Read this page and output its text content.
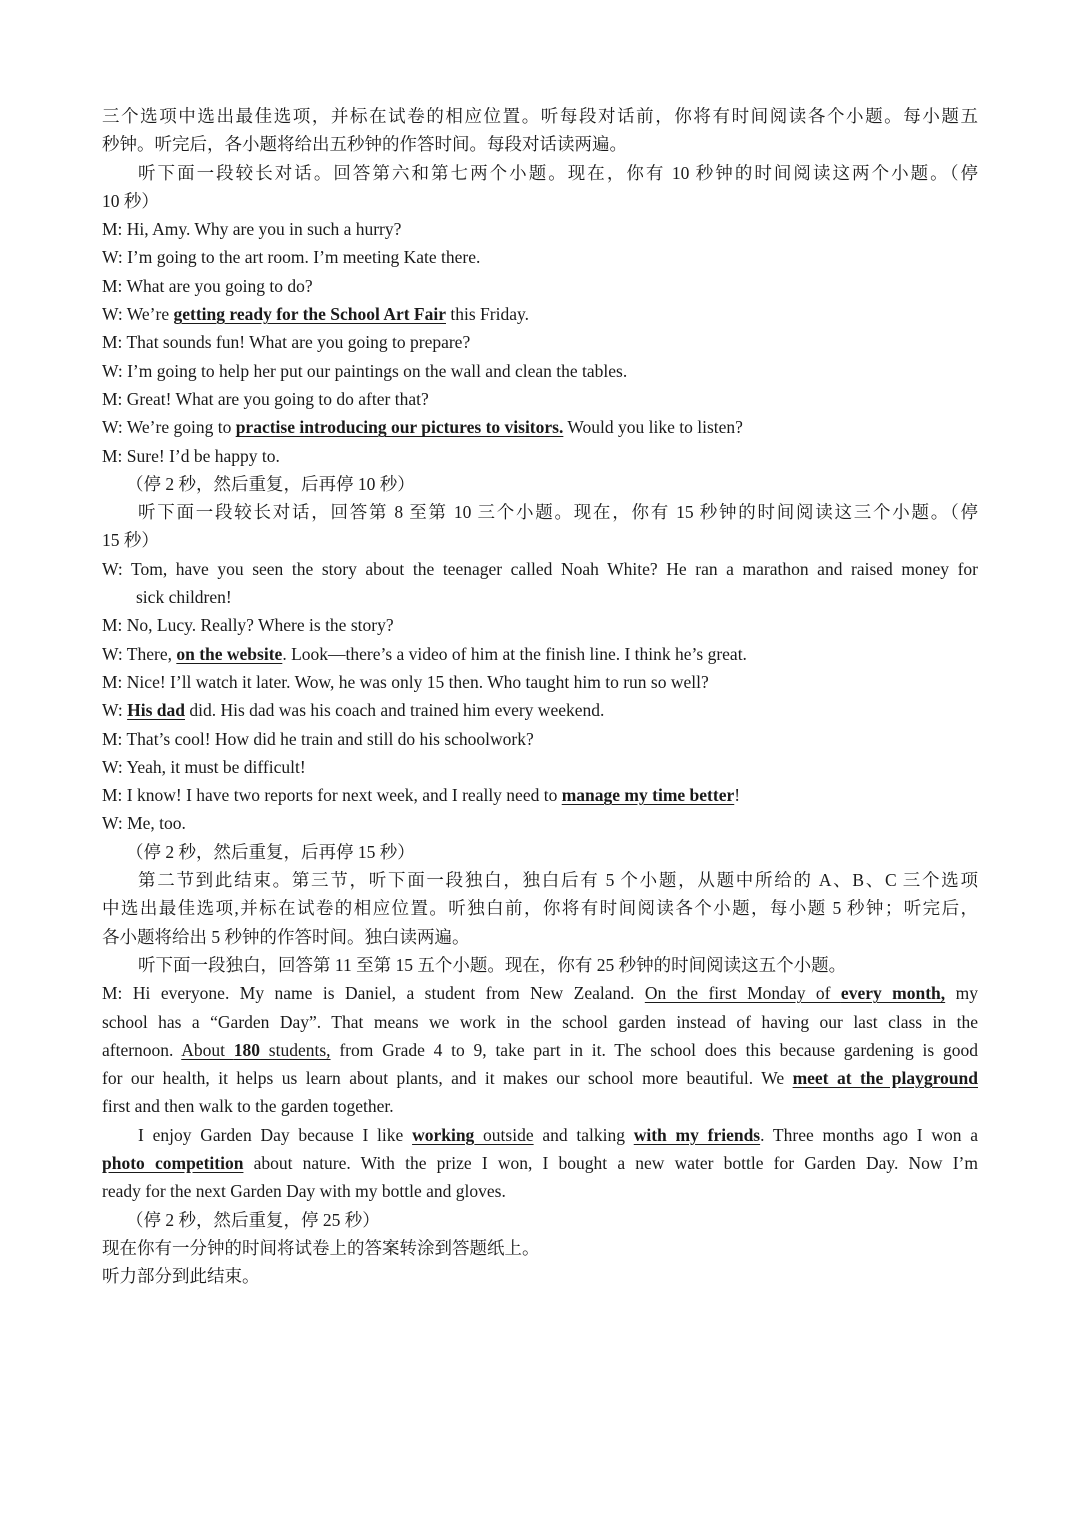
三个选项中选出最佳选项，并标在试卷的相应位置。听每段对话前，你将有时间阅读各个小题。每小题五

秒钟。听完后，各小题将给出五秒钟的作答时间。每段对话读两遍。

听下面一段较长对话。回答第六和第七两个小题。现在，你有 10 秒钟的时间阅读这两个小题。（停

10 秒）

M: Hi, Amy. Why are you in such a hurry?

W: I’m going to the art room. I’m meeting Kate there.

M: What are you going to do?

W: We’re getting ready for the School Art Fair this Friday.

M: That sounds fun! What are you going to prepare?

W: I’m going to help her put our paintings on the wall and clean the tables.

M: Great! What are you going to do after that?

W: We’re going to practise introducing our pictures to visitors. Would you like to listen?

M: Sure! I’d be happy to.

（停 2 秒，然后重复，后再停 10 秒）

听下面一段较长对话，回答第 8 至第 10 三个小题。现在，你有 15 秒钟的时间阅读这三个小题。（停

15 秒）

W: Tom, have you seen the story about the teenager called Noah White? He ran a marathon and raised money for

sick children!

M: No, Lucy. Really? Where is the story?

W: There, on the website. Look—there’s a video of him at the finish line. I think he’s great.

M: Nice! I’ll watch it later. Wow, he was only 15 then. Who taught him to run so well?

W: His dad did. His dad was his coach and trained him every weekend.

M: That’s cool! How did he train and still do his schoolwork?

W: Yeah, it must be difficult!

M: I know! I have two reports for next week, and I really need to manage my time better!

W: Me, too.

（停 2 秒，然后重复，后再停 15 秒）

第二节到此结束。第三节，听下面一段独白，独白后有 5 个小题，从题中所给的 A、B、C 三个选项

中选出最佳选项,并标在试卷的相应位置。听独白前，你将有时间阅读各个小题，每小题 5 秒钟；听完后，

各小题将给出 5 秒钟的作答时间。独白读两遍。

听下面一段独白，回答第 11 至第 15 五个小题。现在，你有 25 秒钟的时间阅读这五个小题。

M: Hi everyone. My name is Daniel, a student from New Zealand. On the first Monday of every month, my

school has a “Garden Day”. That means we work in the school garden instead of having our last class in the

afternoon. About 180 students, from Grade 4 to 9, take part in it. The school does this because gardening is good

for our health, it helps us learn about plants, and it makes our school more beautiful. We meet at the playground

first and then walk to the garden together.

I enjoy Garden Day because I like working outside and talking with my friends. Three months ago I won a

photo competition about nature. With the prize I won, I bought a new water bottle for Garden Day. Now I’m

ready for the next Garden Day with my bottle and gloves.

（停 2 秒，然后重复，停 25 秒）

现在你有一分钟的时间将试卷上的答案转涂到答题纸上。

听力部分到此结束。
